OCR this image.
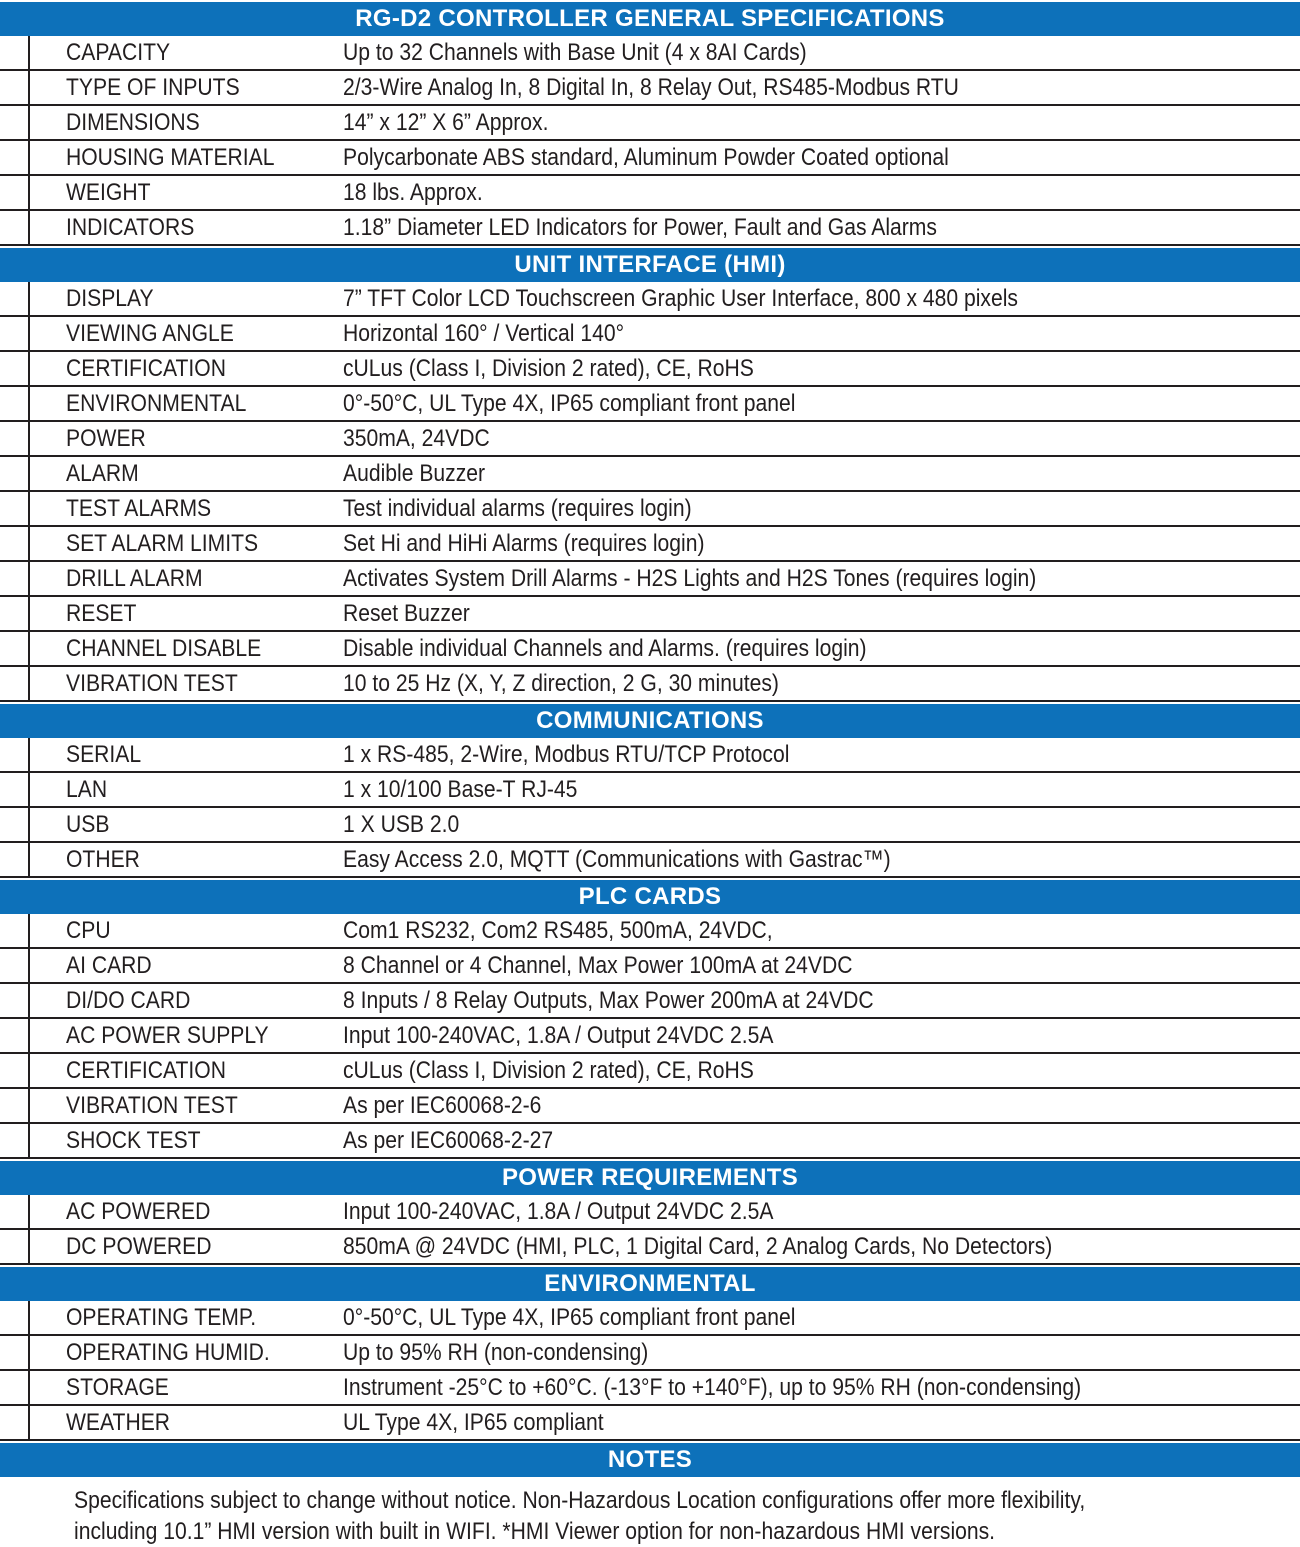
RG-D2 CONTROLLER GENERAL SPECIFICATIONS
CAPACITY	Up to 32 Channels with Base Unit (4 x 8AI Cards)
TYPE OF INPUTS	2/3-Wire Analog In, 8 Digital In, 8 Relay Out, RS485-Modbus RTU
DIMENSIONS	14” x 12” X 6” Approx.
HOUSING MATERIAL	Polycarbonate ABS standard, Aluminum Powder Coated optional
WEIGHT	18 lbs. Approx.
INDICATORS	1.18” Diameter LED Indicators for Power, Fault and Gas Alarms
UNIT INTERFACE (HMI)
DISPLAY	7” TFT Color LCD Touchscreen Graphic User Interface, 800 x 480 pixels
VIEWING ANGLE	Horizontal 160° / Vertical 140°
CERTIFICATION	cULus (Class I, Division 2 rated), CE, RoHS
ENVIRONMENTAL	0°-50°C, UL Type 4X, IP65 compliant front panel
POWER	350mA, 24VDC
ALARM	Audible Buzzer
TEST ALARMS	Test individual alarms (requires login)
SET ALARM LIMITS	Set Hi and HiHi Alarms (requires login)
DRILL ALARM	Activates System Drill Alarms - H2S Lights and H2S Tones (requires login)
RESET	Reset Buzzer
CHANNEL DISABLE	Disable individual Channels and Alarms. (requires login)
VIBRATION TEST	10 to 25 Hz (X, Y, Z direction, 2 G, 30 minutes)
COMMUNICATIONS
SERIAL	1 x RS-485, 2-Wire, Modbus RTU/TCP Protocol
LAN	1 x 10/100 Base-T RJ-45
USB	1 X USB 2.0
OTHER	Easy Access 2.0, MQTT (Communications with Gastrac™)
PLC CARDS
CPU	Com1 RS232, Com2 RS485, 500mA, 24VDC,
AI CARD	8 Channel or 4 Channel, Max Power 100mA at 24VDC
DI/DO CARD	8 Inputs / 8 Relay Outputs, Max Power 200mA at 24VDC
AC POWER SUPPLY	Input 100-240VAC, 1.8A / Output 24VDC 2.5A
CERTIFICATION	cULus (Class I, Division 2 rated), CE, RoHS
VIBRATION TEST	As per IEC60068-2-6
SHOCK TEST	As per IEC60068-2-27
POWER REQUIREMENTS
AC POWERED	Input 100-240VAC, 1.8A / Output 24VDC 2.5A
DC POWERED	850mA @ 24VDC (HMI, PLC, 1 Digital Card, 2 Analog Cards, No Detectors)
ENVIRONMENTAL
OPERATING TEMP.	0°-50°C, UL Type 4X, IP65 compliant front panel
OPERATING HUMID.	Up to 95% RH (non-condensing)
STORAGE	Instrument -25°C to +60°C. (-13°F to +140°F), up to 95% RH (non-condensing)
WEATHER	UL Type 4X, IP65 compliant
NOTES
Specifications subject to change without notice. Non-Hazardous Location configurations offer more flexibility,
including 10.1” HMI version with built in WIFI. *HMI Viewer option for non-hazardous HMI versions.
